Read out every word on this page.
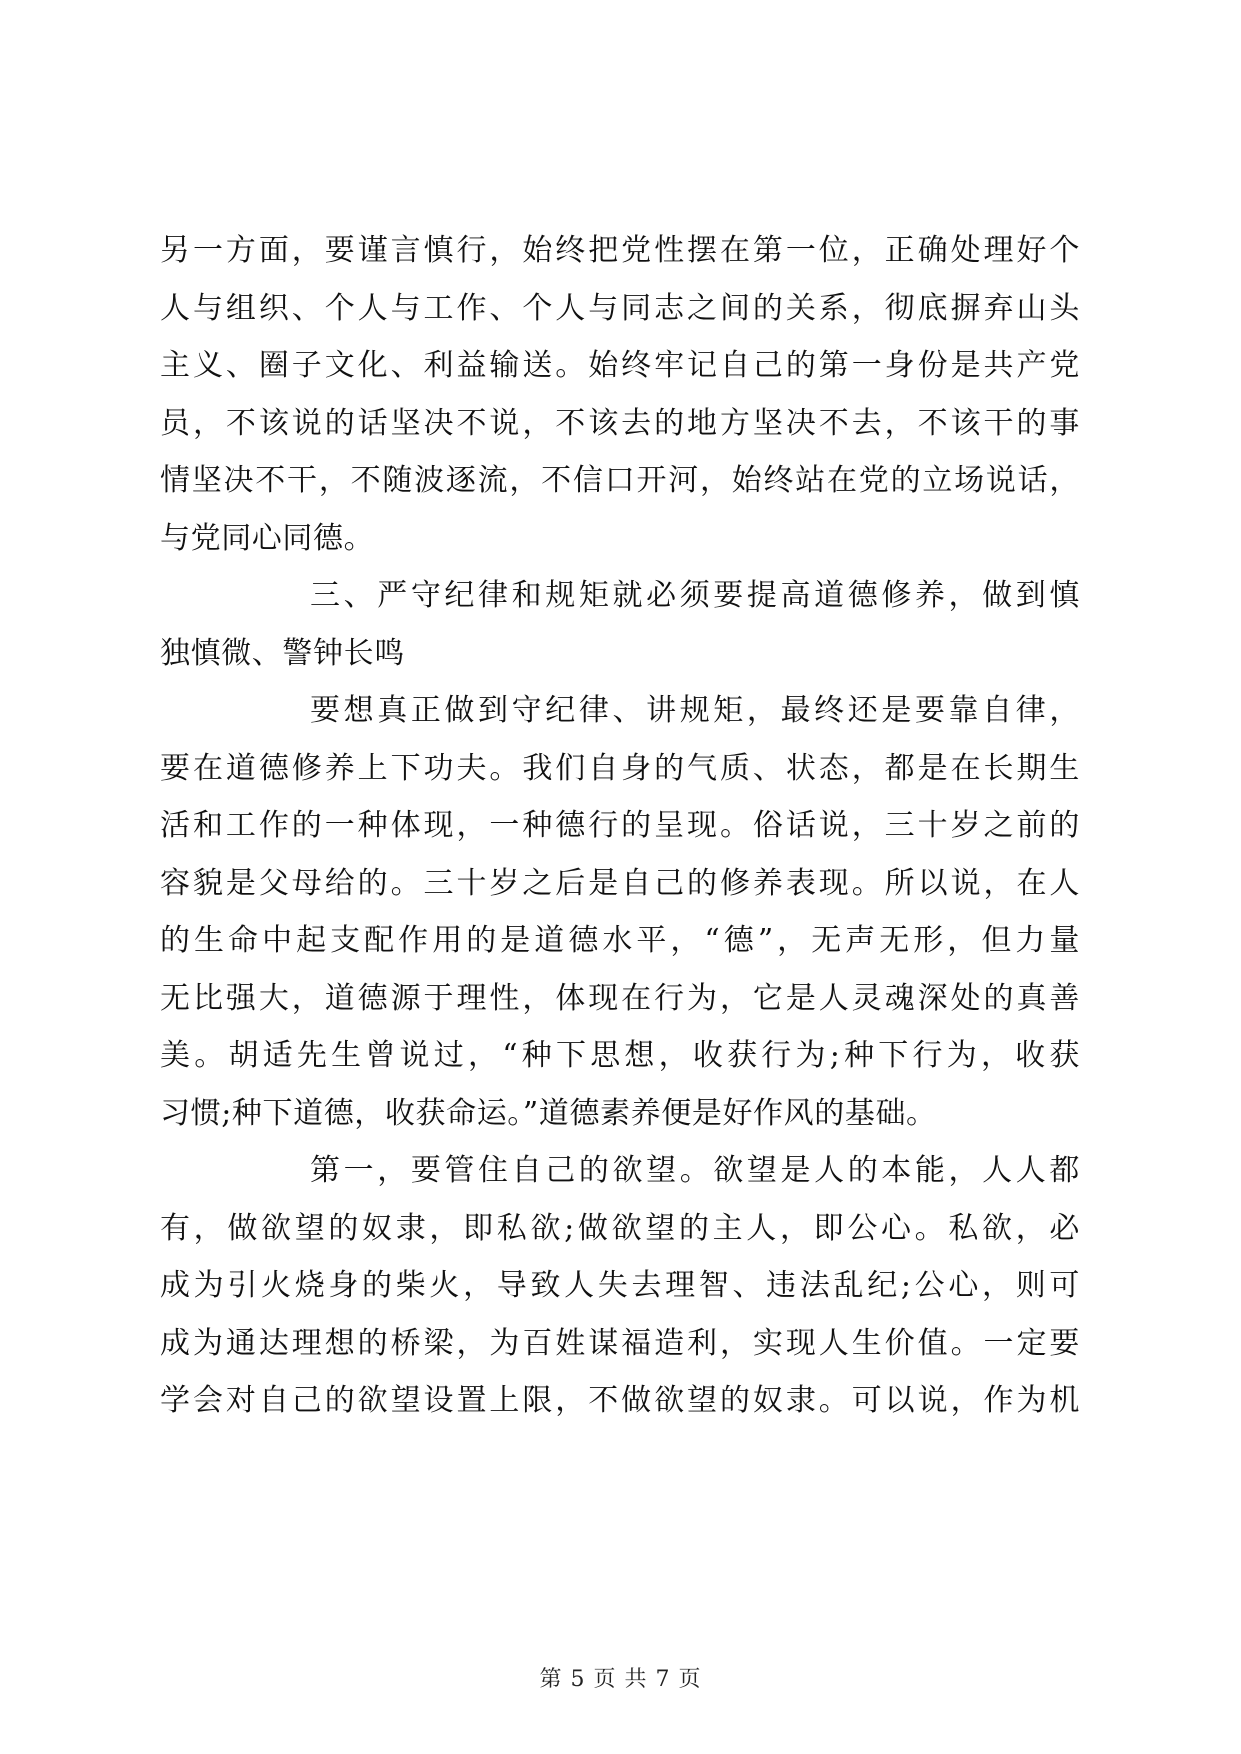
另一方面，要谨言慎行，始终把党性摆在第一位，正确处理好个
人与组织、个人与工作、个人与同志之间的关系，彻底摒弃山头
主义、圈子文化、利益输送。始终牢记自己的第一身份是共产党
员，不该说的话坚决不说，不该去的地方坚决不去，不该干的事
情坚决不干，不随波逐流，不信口开河，始终站在党的立场说话，
与党同心同德。
三、严守纪律和规矩就必须要提高道德修养，做到慎
独慎微、警钟长鸣
要想真正做到守纪律、讲规矩，最终还是要靠自律，
要在道德修养上下功夫。我们自身的气质、状态，都是在长期生
活和工作的一种体现，一种德行的呈现。俗话说，三十岁之前的
容貌是父母给的。三十岁之后是自己的修养表现。所以说，在人
的生命中起支配作用的是道德水平，“德”，无声无形，但力量
无比强大，道德源于理性，体现在行为，它是人灵魂深处的真善
美。胡适先生曾说过，“种下思想，收获行为;种下行为，收获
习惯;种下道德，收获命运。”道德素养便是好作风的基础。
第一，要管住自己的欲望。欲望是人的本能，人人都
有，做欲望的奴隶，即私欲;做欲望的主人，即公心。私欲，必
成为引火烧身的柴火，导致人失去理智、违法乱纪;公心，则可
成为通达理想的桥梁，为百姓谋福造利，实现人生价值。一定要
学会对自己的欲望设置上限，不做欲望的奴隶。可以说，作为机
第 5 页 共 7 页
